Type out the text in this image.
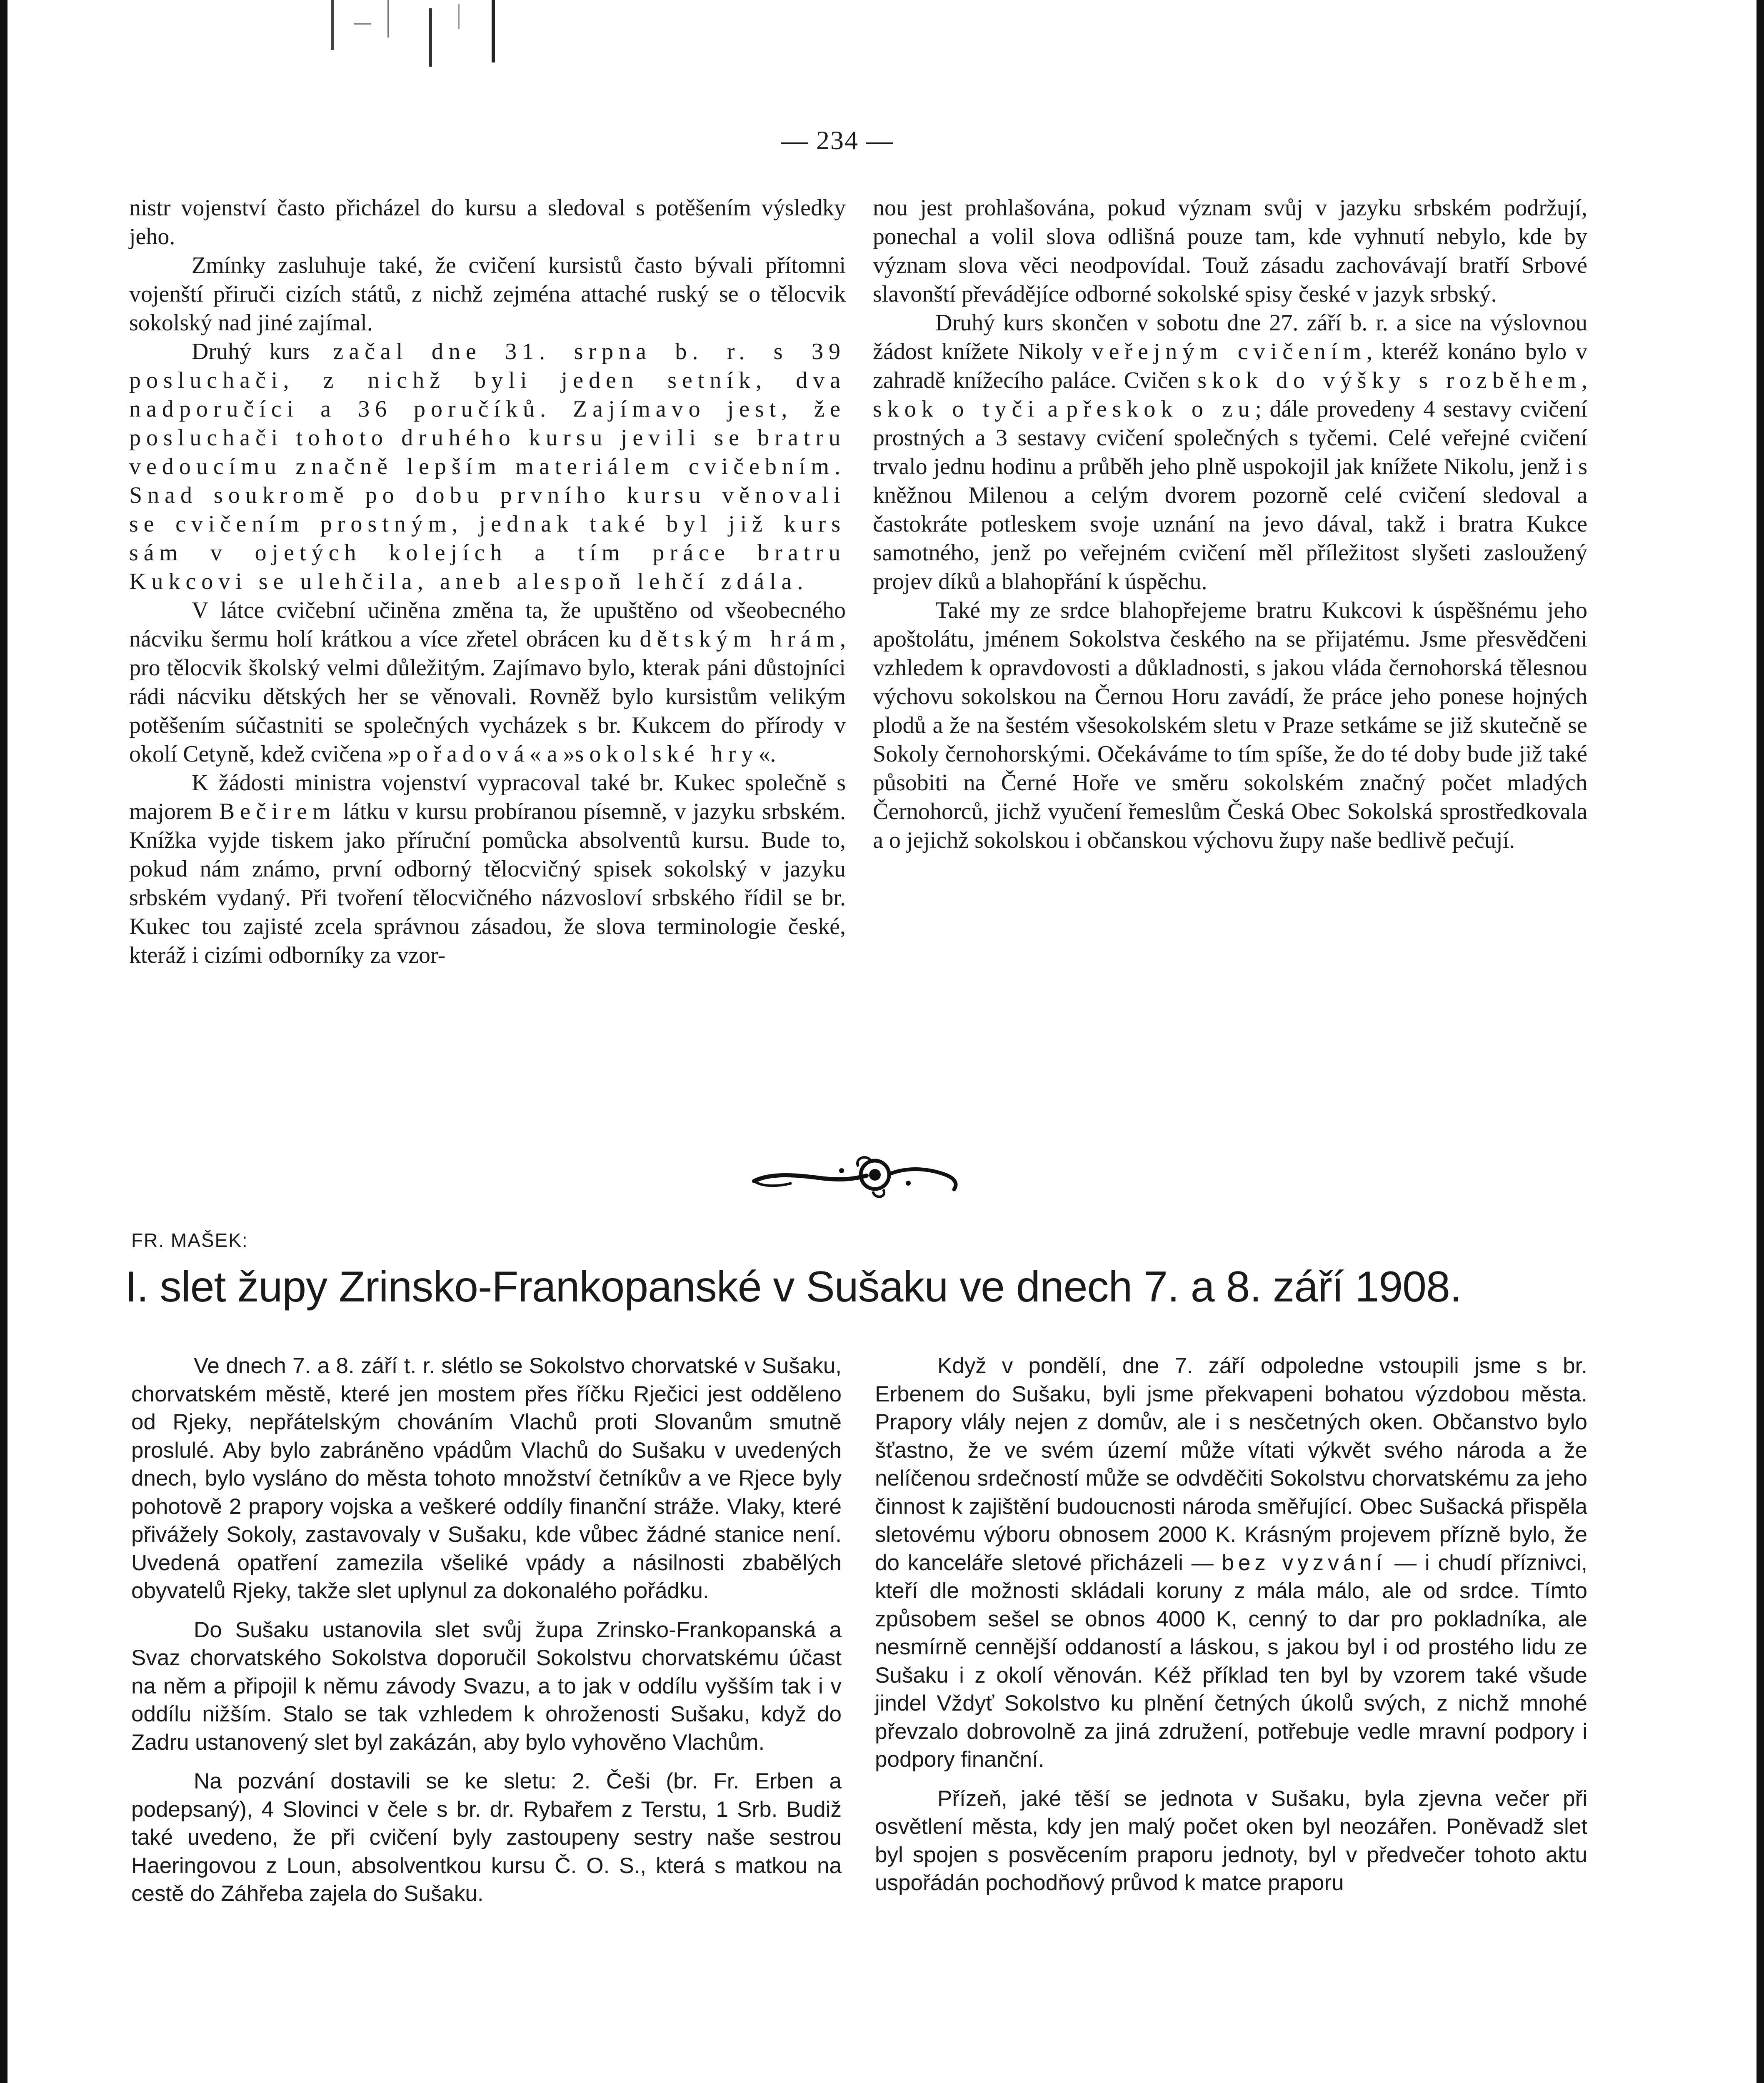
— 234 —

nistr vojenství často přicházel do kursu a sledoval s potěšením výsledky jeho.

Zmínky zasluhuje také, že cvičení kursistů často bývali přítomni vojenští přiruči cizích států, z nichž zejména attaché ruský se o tělocvik sokolský nad jiné zajímal.

Druhý kurs začal dne 31. srpna b. r. s 39 posluchači, z nichž byli jeden setník, dva nadporučíci a 36 poručíků. Zajímavo jest, že posluchači tohoto druhého kursu jevili se bratru vedoucímu značně lepším materiálem cvičebním. Snad soukromě po dobu prvního kursu věnovali se cvičením prostným, jednak také byl již kurs sám v ojetých kolejích a tím práce bratru Kukcovi se ulehčila, aneb alespoň lehčí zdála.

V látce cvičební učiněna změna ta, že upuštěno od všeobecného nácviku šermu holí krátkou a více zřetel obrácen ku dětským hrám, pro tělocvik školský velmi důležitým. Zajímavo bylo, kterak páni důstojníci rádi nácviku dětských her se věnovali. Rovněž bylo kursistům velikým potěšením súčastniti se společných vycházek s br. Kukcem do přírody v okolí Cetyně, kdež cvičena »pořadová« a »sokolské hry«.

K žádosti ministra vojenství vypracoval také br. Kukec společně s majorem Bečirem látku v kursu probíranou písemně, v jazyku srbském. Knížka vyjde tiskem jako příruční pomůcka absolventů kursu. Bude to, pokud nám známo, první odborný tělocvičný spisek sokolský v jazyku srbském vydaný. Při tvoření tělocvičného názvosloví srbského řídil se br. Kukec tou zajisté zcela správnou zásadou, že slova terminologie české, kteráž i cizími odborníky za vzor-

nou jest prohlašována, pokud význam svůj v jazyku srbském podržují, ponechal a volil slova odlišná pouze tam, kde vyhnutí nebylo, kde by význam slova věci neodpovídal. Touž zásadu zachovávají bratří Srbové slavonští převádějíce odborné sokolské spisy české v jazyk srbský.

Druhý kurs skončen v sobotu dne 27. září b. r. a sice na výslovnou žádost knížete Nikoly veřejným cvičením, kteréž konáno bylo v zahradě knížecího paláce. Cvičen skok do výšky s rozběhem, skok o tyči a přeskok o zu; dále provedeny 4 sestavy cvičení prostných a 3 sestavy cvičení společných s tyčemi. Celé veřejné cvičení trvalo jednu hodinu a průběh jeho plně uspokojil jak knížete Nikolu, jenž i s kněžnou Milenou a celým dvorem pozorně celé cvičení sledoval a častokráte potleskem svoje uznání na jevo dával, takž i bratra Kukce samotného, jenž po veřejném cvičení měl příležitost slyšeti zasloužený projev díků a blahopřání k úspěchu.

Také my ze srdce blahopřejeme bratru Kukcovi k úspěšnému jeho apoštolátu, jménem Sokolstva českého na se přijatému. Jsme přesvědčeni vzhledem k opravdovosti a důkladnosti, s jakou vláda černohorská tělesnou výchovu sokolskou na Černou Horu zavádí, že práce jeho ponese hojných plodů a že na šestém všesokolském sletu v Praze setkáme se již skutečně se Sokoly černohorskými. Očekáváme to tím spíše, že do té doby bude již také působiti na Černé Hoře ve směru sokolském značný počet mladých Černohorců, jichž vyučení řemeslům Česká Obec Sokolská sprostředkovala a o jejichž sokolskou i občanskou výchovu župy naše bedlivě pečují.

FR. MAŠEK:
I. slet župy Zrinsko-Frankopanské v Sušaku ve dnech 7. a 8. září 1908.

Ve dnech 7. a 8. září t. r. slétlo se Sokolstvo chorvatské v Sušaku, chorvatském městě, které jen mostem přes říčku Rječici jest odděleno od Rjeky, nepřátelským chováním Vlachů proti Slovanům smutně proslulé. Aby bylo zabráněno vpádům Vlachů do Sušaku v uvedených dnech, bylo vysláno do města tohoto množství četníkův a ve Rjece byly pohotově 2 prapory vojska a veškeré oddíly finanční stráže. Vlaky, které přivážely Sokoly, zastavovaly v Sušaku, kde vůbec žádné stanice není. Uvedená opatření zamezila všeliké vpády a násilnosti zbabělých obyvatelů Rjeky, takže slet uplynul za dokonalého pořádku.

Do Sušaku ustanovila slet svůj župa Zrinsko-Frankopanská a Svaz chorvatského Sokolstva doporučil Sokolstvu chorvatskému účast na něm a připojil k němu závody Svazu, a to jak v oddílu vyšším tak i v oddílu nižším. Stalo se tak vzhledem k ohroženosti Sušaku, když do Zadru ustanovený slet byl zakázán, aby bylo vyhověno Vlachům.

Na pozvání dostavili se ke sletu: 2. Češi (br. Fr. Erben a podepsaný), 4 Slovinci v čele s br. dr. Rybařem z Terstu, 1 Srb. Budiž také uvedeno, že při cvičení byly zastoupeny sestry naše sestrou Haeringovou z Loun, absolventkou kursu Č. O. S., která s matkou na cestě do Záhřeba zajela do Sušaku.

Když v pondělí, dne 7. září odpoledne vstoupili jsme s br. Erbenem do Sušaku, byli jsme překvapeni bohatou výzdobou města. Prapory vlály nejen z domův, ale i s nesčetných oken. Občanstvo bylo šťastno, že ve svém území může vítati výkvět svého národa a že nelíčenou srdečností může se odvděčiti Sokolstvu chorvatskému za jeho činnost k zajištění budoucnosti národa směřující. Obec Sušacká přispěla sletovému výboru obnosem 2000 K. Krásným projevem přízně bylo, že do kanceláře sletové přicházeli — bez vyzvání — i chudí příznivci, kteří dle možnosti skládali koruny z mála málo, ale od srdce. Tímto způsobem sešel se obnos 4000 K, cenný to dar pro pokladníka, ale nesmírně cennější oddaností a láskou, s jakou byl i od prostého lidu ze Sušaku i z okolí věnován. Kéž příklad ten byl by vzorem také všude jindel Vždyť Sokolstvo ku plnění četných úkolů svých, z nichž mnohé převzalo dobrovolně za jiná združení, potřebuje vedle mravní podpory i podpory finanční.

Přízeň, jaké těší se jednota v Sušaku, byla zjevna večer při osvětlení města, kdy jen malý počet oken byl neozářen. Poněvadž slet byl spojen s posvěcením praporu jednoty, byl v předvečer tohoto aktu uspořádán pochodňový průvod k matce praporu
